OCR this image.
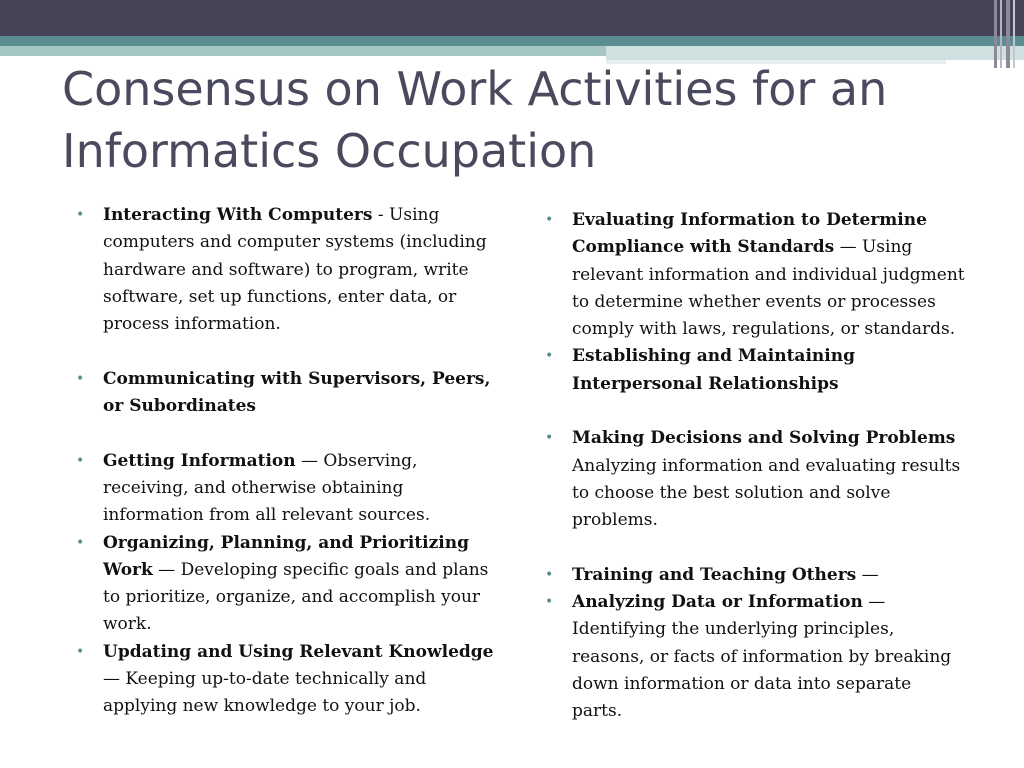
Consensus on Work Activities for an Informatics Occupation
• Interacting With Computers - Using computers and computer systems (including hardware and software) to program, write software, set up functions, enter data, or process information.
• Communicating with Supervisors, Peers, or Subordinates
• Getting Information — Observing, receiving, and otherwise obtaining information from all relevant sources.
• Organizing, Planning, and Prioritizing Work — Developing specific goals and plans to prioritize, organize, and accomplish your work.
• Updating and Using Relevant Knowledge — Keeping up-to-date technically and applying new knowledge to your job.
• Evaluating Information to Determine Compliance with Standards — Using relevant information and individual judgment to determine whether events or processes comply with laws, regulations, or standards.
• Establishing and Maintaining Interpersonal Relationships
• Making Decisions and Solving Problems Analyzing information and evaluating results to choose the best solution and solve problems.
• Training and Teaching Others —
• Analyzing Data or Information — Identifying the underlying principles, reasons, or facts of information by breaking down information or data into separate parts.
